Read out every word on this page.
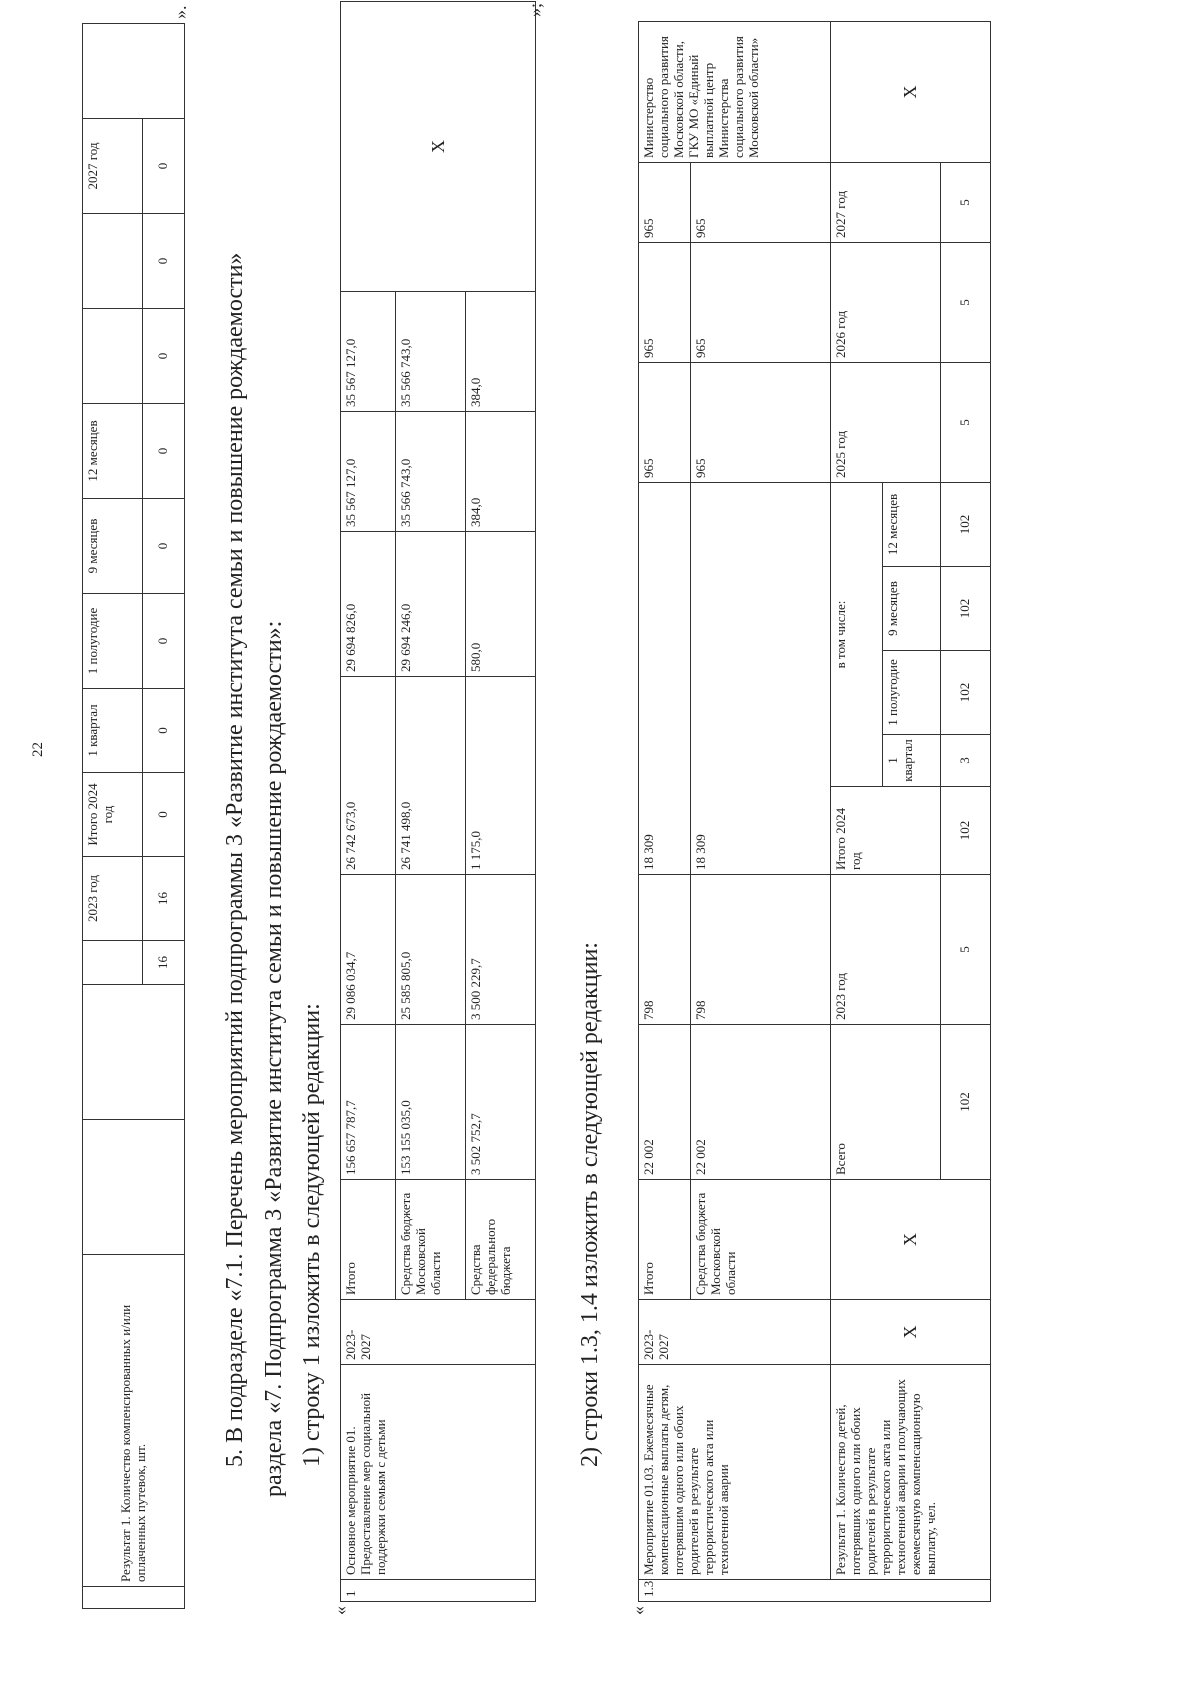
22
	Результат 1. Количество компенсированных и/или оплаченных путевок, шт.				2023 год	Итого 2024 год	1 квартал	1 полугодие	9 месяцев	12 месяцев			2027 год	
				16	16	0	0	0	0	0	0	0	0	
».
5. В подразделе «7.1. Перечень мероприятий подпрограммы 3 «Развитие института семьи и повышение рождаемости» раздела «7. Подпрограмма 3 «Развитие института семьи и повышение рождаемости»: 1) строку 1 изложить в следующей редакции:
«
1	Основное мероприятие 01. Предоставление мер социальной поддержки семьям с детьми	2023-2027	Итого	156 657 787,7	29 086 034,7	26 742 673,0	29 694 826,0	35 567 127,0	35 567 127,0	Х
			Средства бюджета Московской области	153 155 035,0	25 585 805,0	26 741 498,0	29 694 246,0	35 566 743,0	35 566 743,0	
			Средства федерального бюджета	3 502 752,7	3 500 229,7	1 175,0	580,0	384,0	384,0	
»;
2) строки 1.3, 1.4 изложить в следующей редакции:
«
1.3	Мероприятие 01.03. Ежемесячные компенсационные выплаты детям, потерявшим одного или обоих родителей в результате террористического акта или техногенной аварии	2023-2027	Итого	22 002	798	18 309					965	965	965	Министерство социального развития Московской области, ГКУ МО «Единый выплатной центр Министерства социального развития Московской области»
			Средства бюджета Московской области	22 002	798	18 309					965	965	965	
	Результат 1. Количество детей, потерявших одного или обоих родителей в результате террористического акта или техногенной аварии и получающих ежемесячную компенсационную выплату, чел.	Х	Х	Всего	2023 год	Итого 2024 год	в том числе:				2025 год	2026 год	2027 год	Х
							1 квартал	1 полугодие	9 месяцев	12 месяцев				
				102	5	102	3	102	102	102	5	5	5	
